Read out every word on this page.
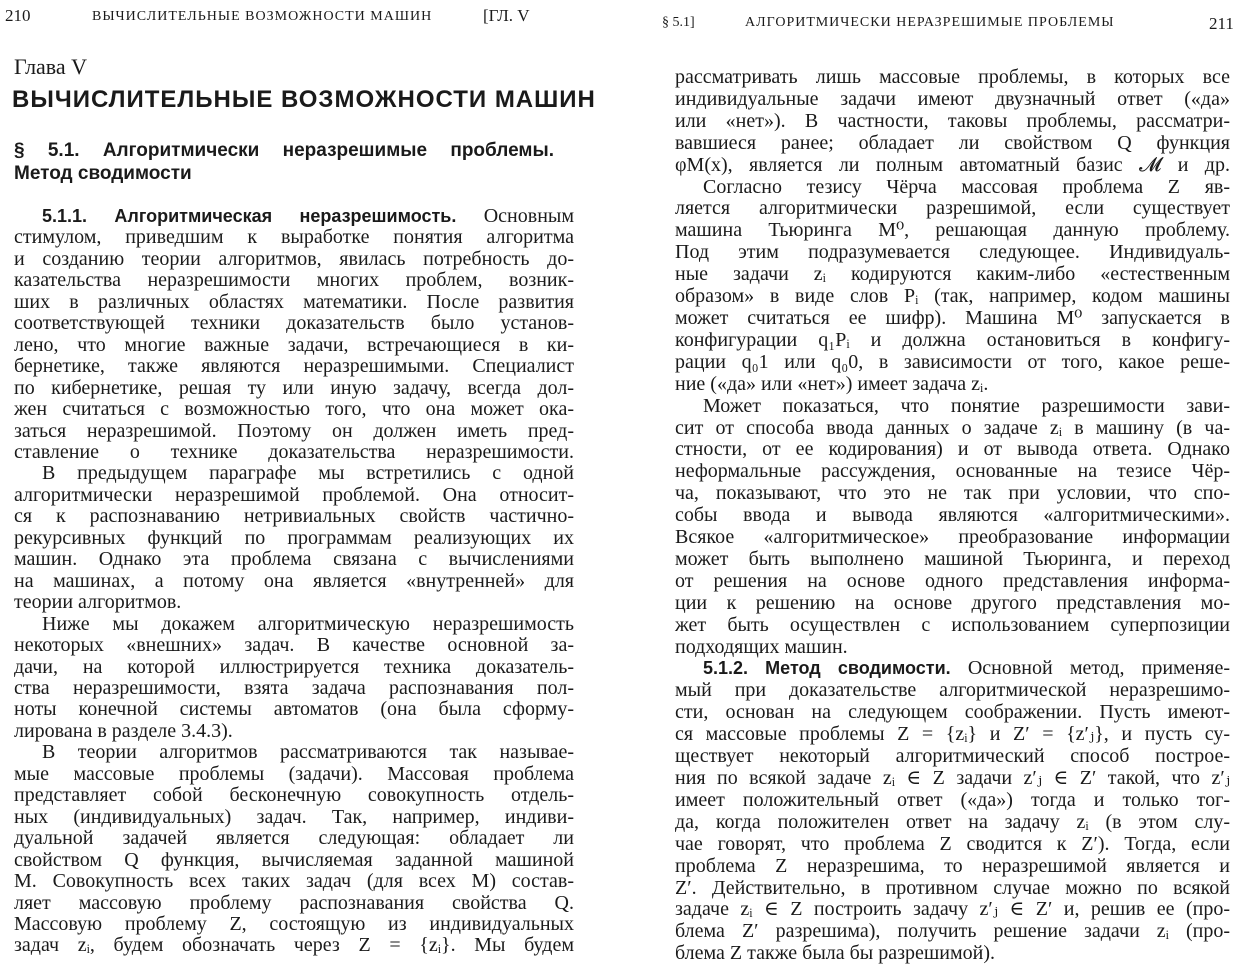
210	ВЫЧИСЛИТЕЛЬНЫЕ ВОЗМОЖНОСТИ МАШИН	[ГЛ. V
Глава V
ВЫЧИСЛИТЕЛЬНЫЕ ВОЗМОЖНОСТИ МАШИН
§ 5.1. Алгоритмически неразрешимые проблемы.
Метод сводимости
5.1.1. Алгоритмическая неразрешимость. Основным
стимулом, приведшим к выработке понятия алгоритма
и созданию теории алгоритмов, явилась потребность до-
казательства неразрешимости многих проблем, возник-
ших в различных областях математики. После развития
соответствующей техники доказательств было установ-
лено, что многие важные задачи, встречающиеся в ки-
бернетике, также являются неразрешимыми. Специалист
по кибернетике, решая ту или иную задачу, всегда дол-
жен считаться с возможностью того, что она может ока-
заться неразрешимой. Поэтому он должен иметь пред-
ставление о технике доказательства неразрешимости.
В предыдущем параграфе мы встретились с одной
алгоритмически неразрешимой проблемой. Она относит-
ся к распознаванию нетривиальных свойств частично-
рекурсивных функций по программам реализующих их
машин. Однако эта проблема связана с вычислениями
на машинах, а потому она является «внутренней» для
теории алгоритмов.
Ниже мы докажем алгоритмическую неразрешимость
некоторых «внешних» задач. В качестве основной за-
дачи, на которой иллюстрируется техника доказатель-
ства неразрешимости, взята задача распознавания пол-
ноты конечной системы автоматов (она была сформу-
лирована в разделе 3.4.3).
В теории алгоритмов рассматриваются так называе-
мые массовые проблемы (задачи). Массовая проблема
представляет собой бесконечную совокупность отдель-
ных (индивидуальных) задач. Так, например, индиви-
дуальной задачей является следующая: обладает ли
свойством Q функция, вычисляемая заданной машиной
M. Совокупность всех таких задач (для всех M) состав-
ляет массовую проблему распознавания свойства Q.
Массовую проблему Z, состоящую из индивидуальных
задач zᵢ, будем обозначать через Z = {zᵢ}. Мы будем
§ 5.1]	АЛГОРИТМИЧЕСКИ НЕРАЗРЕШИМЫЕ ПРОБЛЕМЫ	211
рассматривать лишь массовые проблемы, в которых все
индивидуальные задачи имеют двузначный ответ («да»
или «нет»). В частности, таковы проблемы, рассматри-
вавшиеся ранее; обладает ли свойством Q функция
φM(x), является ли полным автоматный базис 𝓜 и др.
Согласно тезису Чёрча массовая проблема Z яв-
ляется алгоритмически разрешимой, если существует
машина Тьюринга M⁰, решающая данную проблему.
Под этим подразумевается следующее. Индивидуаль-
ные задачи zᵢ кодируются каким-либо «естественным
образом» в виде слов Pᵢ (так, например, кодом машины
может считаться ее шифр). Машина M⁰ запускается в
конфигурации q₁Pᵢ и должна остановиться в конфигу-
рации q₀1 или q₀0, в зависимости от того, какое реше-
ние («да» или «нет») имеет задача zᵢ.
Может показаться, что понятие разрешимости зави-
сит от способа ввода данных о задаче zᵢ в машину (в ча-
стности, от ее кодирования) и от вывода ответа. Однако
неформальные рассуждения, основанные на тезисе Чёр-
ча, показывают, что это не так при условии, что спо-
собы ввода и вывода являются «алгоритмическими».
Всякое «алгоритмическое» преобразование информации
может быть выполнено машиной Тьюринга, и переход
от решения на основе одного представления информа-
ции к решению на основе другого представления мо-
жет быть осуществлен с использованием суперпозиции
подходящих машин.
5.1.2. Метод сводимости. Основной метод, применяе-
мый при доказательстве алгоритмической неразрешимо-
сти, основан на следующем соображении. Пусть имеют-
ся массовые проблемы Z = {zᵢ} и Z′ = {z′ⱼ}, и пусть су-
ществует некоторый алгоритмический способ построе-
ния по всякой задаче zᵢ ∈ Z задачи z′ⱼ ∈ Z′ такой, что z′ⱼ
имеет положительный ответ («да») тогда и только тог-
да, когда положителен ответ на задачу zᵢ (в этом слу-
чае говорят, что проблема Z сводится к Z′). Тогда, если
проблема Z неразрешима, то неразрешимой является и
Z′. Действительно, в противном случае можно по всякой
задаче zᵢ ∈ Z построить задачу z′ⱼ ∈ Z′ и, решив ее (про-
блема Z′ разрешима), получить решение задачи zᵢ (про-
блема Z также была бы разрешимой).
